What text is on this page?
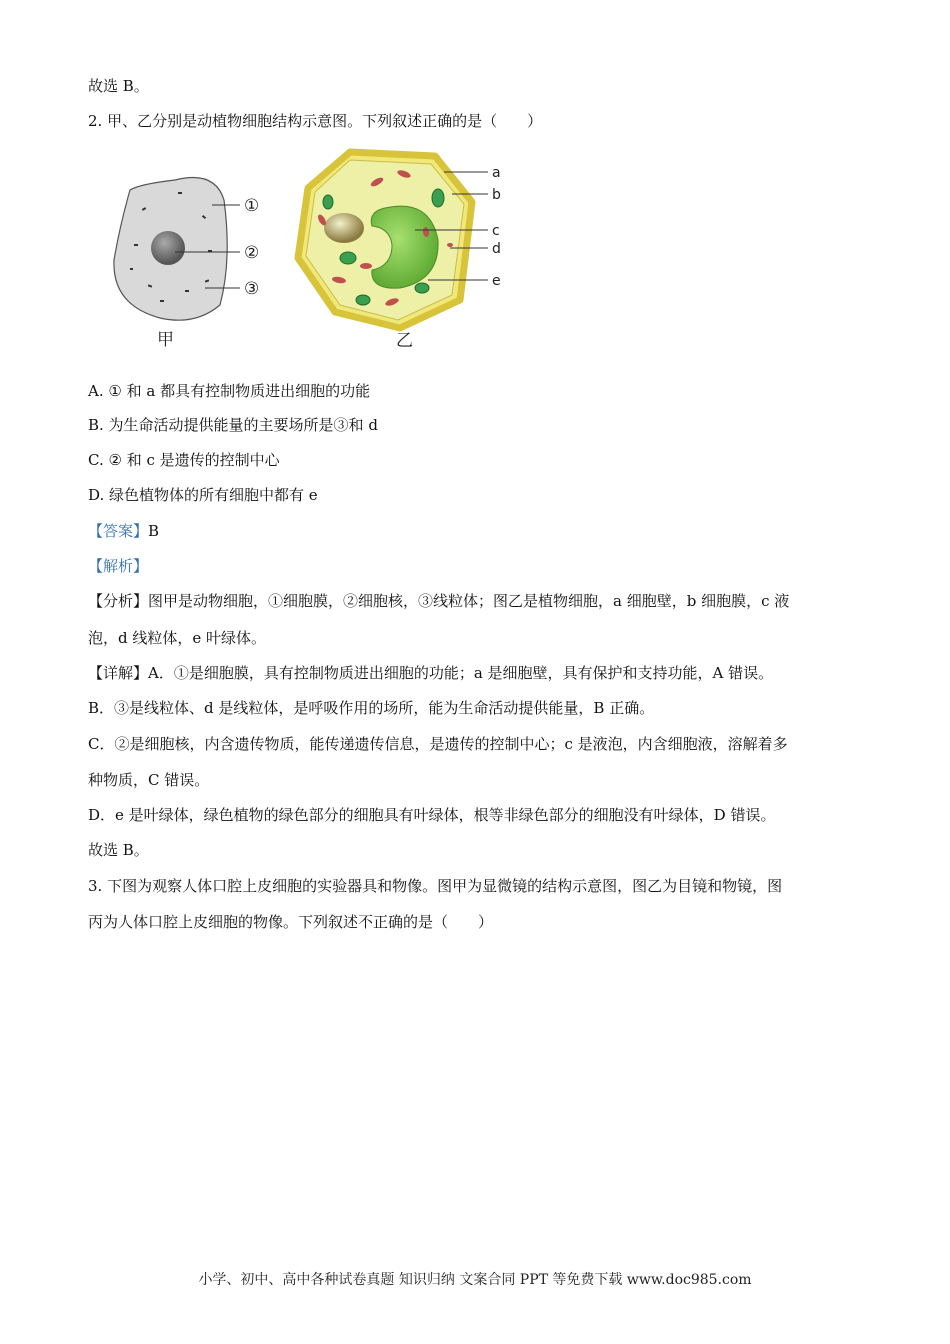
故选 B。
2. 甲、乙分别是动植物细胞结构示意图。下列叙述正确的是（　　）
①
②
③
甲
a
b
c
d
e
乙
A. ① 和 a 都具有控制物质进出细胞的功能
B. 为生命活动提供能量的主要场所是③和 d
C. ② 和 c 是遗传的控制中心
D. 绿色植物体的所有细胞中都有 e
【答案】B
【解析】
【分析】图甲是动物细胞，①细胞膜，②细胞核，③线粒体；图乙是植物细胞，a 细胞壁，b 细胞膜，c 液
泡，d 线粒体，e 叶绿体。
【详解】A．①是细胞膜，具有控制物质进出细胞的功能；a 是细胞壁，具有保护和支持功能，A 错误。
B．③是线粒体、d 是线粒体，是呼吸作用的场所，能为生命活动提供能量，B 正确。
C．②是细胞核，内含遗传物质，能传递遗传信息，是遗传的控制中心；c 是液泡，内含细胞液，溶解着多
种物质，C 错误。
D．e 是叶绿体，绿色植物的绿色部分的细胞具有叶绿体，根等非绿色部分的细胞没有叶绿体，D 错误。
故选 B。
3. 下图为观察人体口腔上皮细胞的实验器具和物像。图甲为显微镜的结构示意图，图乙为目镜和物镜，图
丙为人体口腔上皮细胞的物像。下列叙述不正确的是（　　）
小学、初中、高中各种试卷真题 知识归纳 文案合同 PPT 等免费下载 www.doc985.com
